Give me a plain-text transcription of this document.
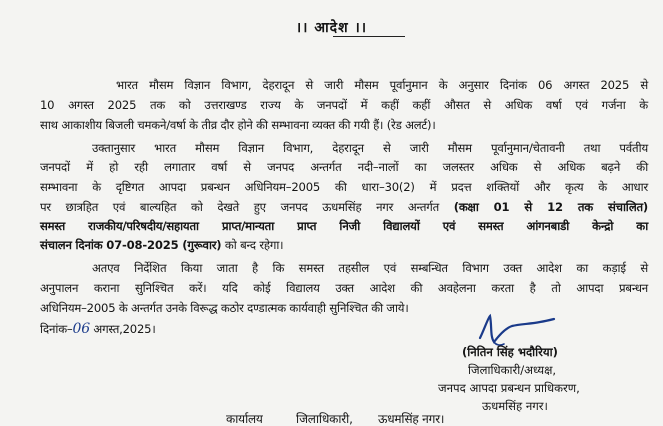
।। आदेश ।।
भारत मौसम विज्ञान विभाग, देहरादून से जारी मौसम पूर्वानुमान के अनुसार दिनांक 06 अगस्त 2025 से
10 अगस्त 2025 तक को उत्तराखण्ड राज्य के जनपदों में कहीं कहीं औसत से अधिक वर्षा एवं गर्जना के
साथ आकाशीय बिजली चमकने/वर्षा के तीव्र दौर होने की सम्भावना व्यक्त की गयी हैं। (रेड अलर्ट)।
उक्तानुसार भारत मौसम विज्ञान विभाग, देहरादून से जारी मौसम पूर्वानुमान/चेतावनी तथा पर्वतीय
जनपदों में हो रही लगातार वर्षा से जनपद अन्तर्गत नदी–नालों का जलस्तर अधिक से अधिक बढ़ने की
सम्भावना के दृष्टिगत आपदा प्रबन्धन अधिनियम–2005 की धारा–30(2) में प्रदत्त शक्तियों और कृत्य के आधार
पर छात्रहित एवं बाल्यहित को देखते हुए जनपद ऊधमसिंह नगर अन्तर्गत (कक्षा 01 से 12 तक संचालित)
समस्त राजकीय/परिषदीय/सहायता प्राप्त/मान्यता प्राप्त निजी विद्यालयों एवं समस्त आंगनबाडी केन्द्रो का
संचालन दिनांक 07-08-2025 (गुरूवार) को बन्द रहेगा।
अतएव निर्देशित किया जाता है कि समस्त तहसील एवं सम्बन्धित विभाग उक्त आदेश का कड़ाई से
अनुपालन कराना सुनिश्चित करें। यदि कोई विद्यालय उक्त आदेश की अवहेलना करता है तो आपदा प्रबन्धन
अधिनियम–2005 के अन्तर्गत उनके विरूद्ध कठोर दण्डात्मक कार्यवाही सुनिश्चित की जाये।
दिनांक–06 अगस्त,2025।
(नितिन सिंह भदौरिया)
जिलाधिकारी/अध्यक्ष,
जनपद आपदा प्रबन्धन प्राधिकरण,
ऊधमसिंह नगर।
कार्यालय	जिलाधिकारी, ऊधमसिंह नगर।
